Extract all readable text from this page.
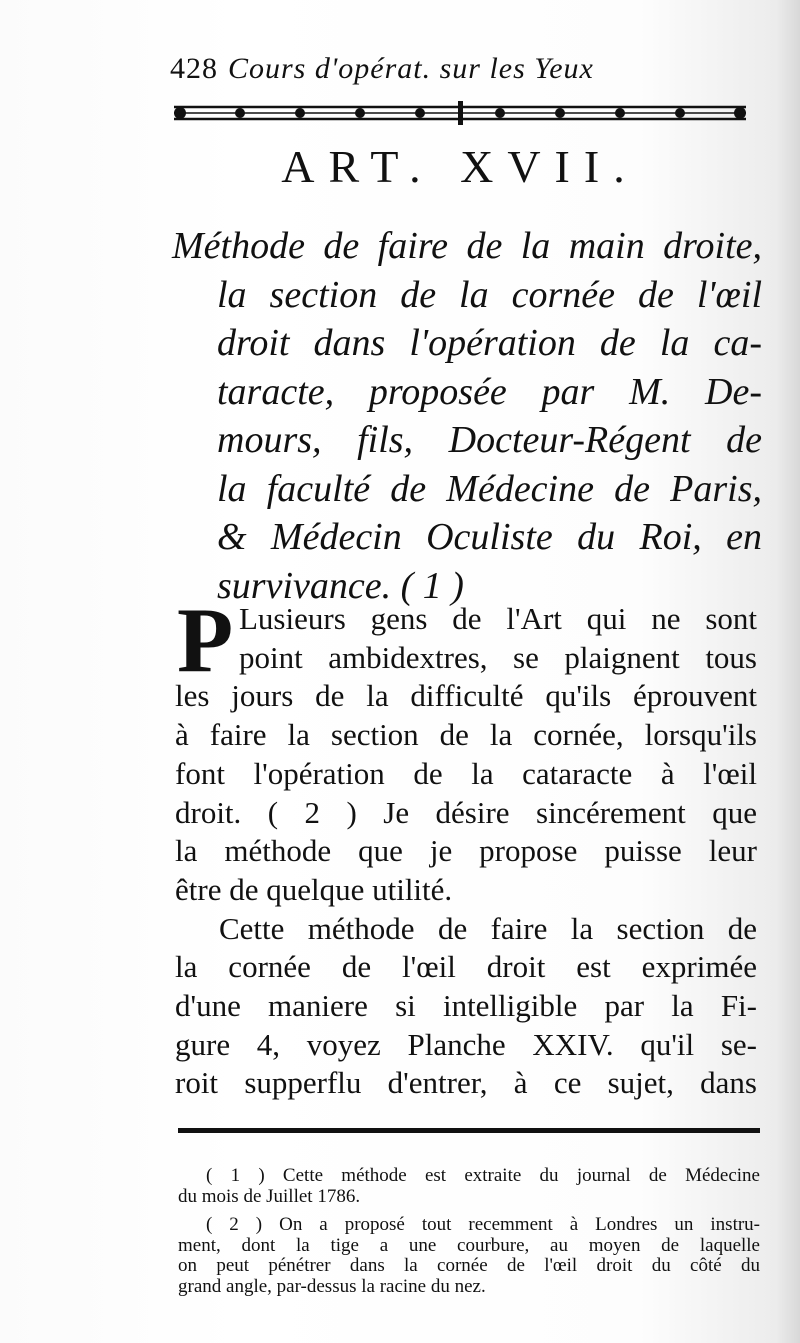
428 Cours d'opérat. sur les Yeux
ART. XVII.
Méthode de faire de la main droite,
la section de la cornée de l'œil
droit dans l'opération de la ca-
taracte, proposée par M. De-
mours, fils, Docteur-Régent de
la faculté de Médecine de Paris,
& Médecin Oculiste du Roi, en
survivance. ( 1 )
P Lusieurs gens de l'Art qui ne sont
point ambidextres, se plaignent tous
les jours de la difficulté qu'ils éprouvent
à faire la section de la cornée, lorsqu'ils
font l'opération de la cataracte à l'œil
droit. ( 2 ) Je désire sincérement que
la méthode que je propose puisse leur
être de quelque utilité.
Cette méthode de faire la section de
la cornée de l'œil droit est exprimée
d'une maniere si intelligible par la Fi-
gure 4, voyez Planche XXIV. qu'il se-
roit supperflu d'entrer, à ce sujet, dans
( 1 ) Cette méthode est extraite du journal de Médecine
du mois de Juillet 1786.
( 2 ) On a proposé tout recemment à Londres un instru-
ment, dont la tige a une courbure, au moyen de laquelle
on peut pénétrer dans la cornée de l'œil droit du côté du
grand angle, par-dessus la racine du nez.
